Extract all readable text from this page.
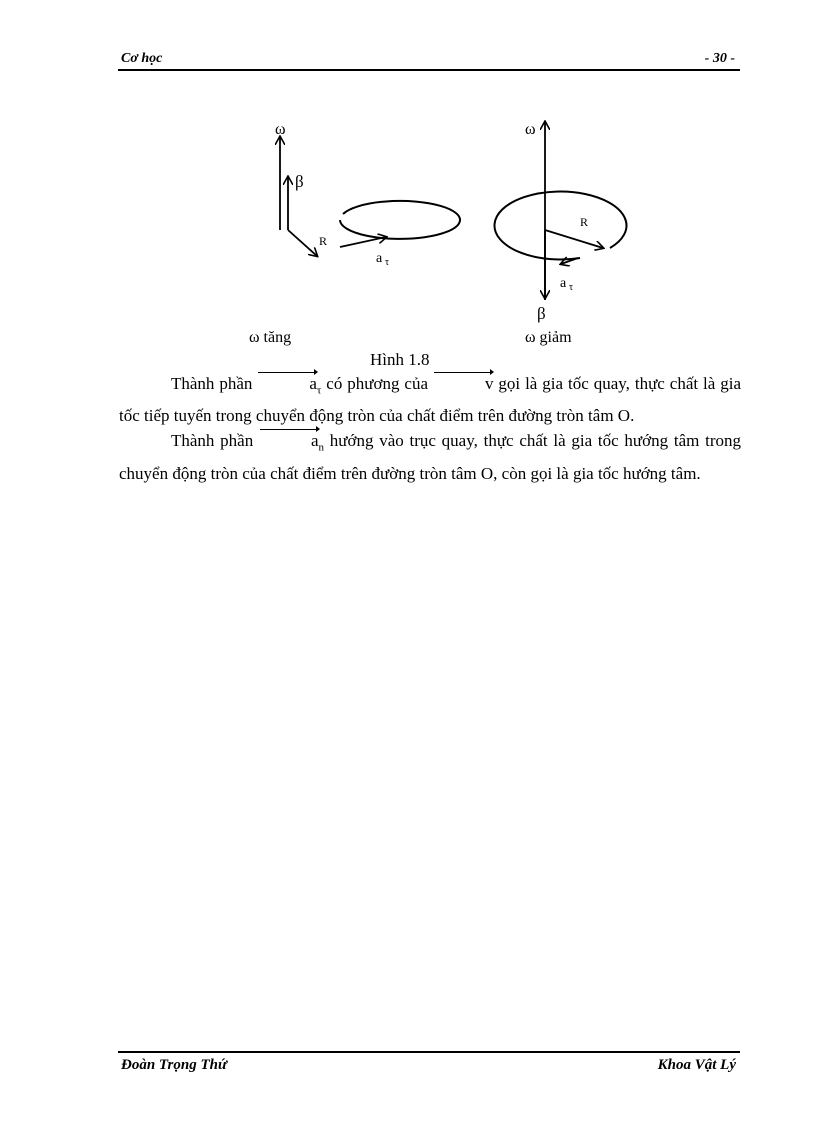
Cơ học	- 30 -
ω
β
R
a τ
ω
β
R
a τ
ω tăng	ω giảm
Hình 1.8

Thành phần	$a_\tau$ có phương của	v gọi là gia tốc quay, thực chất là gia tốc tiếp tuyến trong chuyển động tròn của chất điểm trên đường tròn tâm O.

Thành phần	$a_n$ hướng vào trục quay, thực chất là gia tốc hướng tâm trong chuyển động tròn của chất điểm trên đường tròn tâm O, còn gọi là gia tốc hướng tâm.

Đoàn Trọng Thứ	Khoa Vật Lý
